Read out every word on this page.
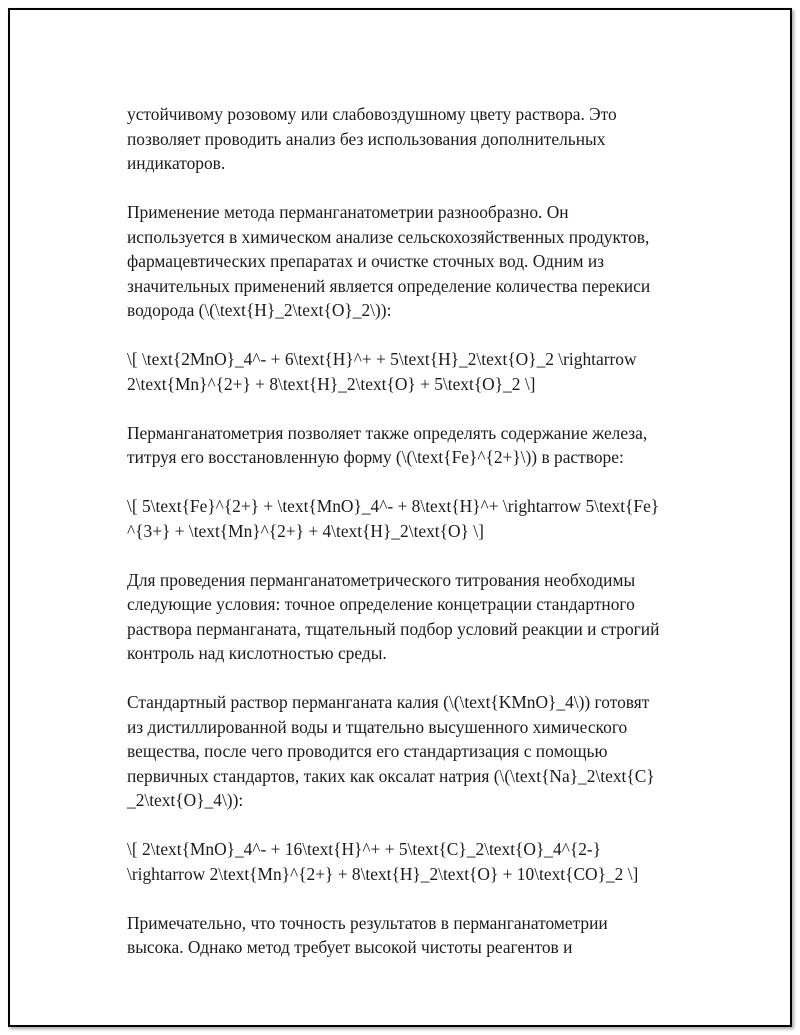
устойчивому розовому или слабовоздушному цвету раствора. Это
позволяет проводить анализ без использования дополнительных
индикаторов.

Применение метода перманганатометрии разнообразно. Он
используется в химическом анализе сельскохозяйственных продуктов,
фармацевтических препаратах и очистке сточных вод. Одним из
значительных применений является определение количества перекиси
водорода (\(\text{H}_2\text{O}_2\)):

\[ \text{2MnO}_4^- + 6\text{H}^+ + 5\text{H}_2\text{O}_2 \rightarrow
2\text{Mn}^{2+} + 8\text{H}_2\text{O} + 5\text{O}_2 \]

Перманганатометрия позволяет также определять содержание железа,
титруя его восстановленную форму (\(\text{Fe}^{2+}\)) в растворе:

\[ 5\text{Fe}^{2+} + \text{MnO}_4^- + 8\text{H}^+ \rightarrow 5\text{Fe}
^{3+} + \text{Mn}^{2+} + 4\text{H}_2\text{O} \]

Для проведения перманганатометрического титрования необходимы
следующие условия: точное определение концетрации стандартного
раствора перманганата, тщательный подбор условий реакции и строгий
контроль над кислотностью среды.

Стандартный раствор перманганата калия (\(\text{KMnO}_4\)) готовят
из дистиллированной воды и тщательно высушенного химического
вещества, после чего проводится его стандартизация с помощью
первичных стандартов, таких как оксалат натрия (\(\text{Na}_2\text{C}
_2\text{O}_4\)):

\[ 2\text{MnO}_4^- + 16\text{H}^+ + 5\text{C}_2\text{O}_4^{2-}
\rightarrow 2\text{Mn}^{2+} + 8\text{H}_2\text{O} + 10\text{CO}_2 \]

Примечательно, что точность результатов в перманганатометрии
высока. Однако метод требует высокой чистоты реагентов и
